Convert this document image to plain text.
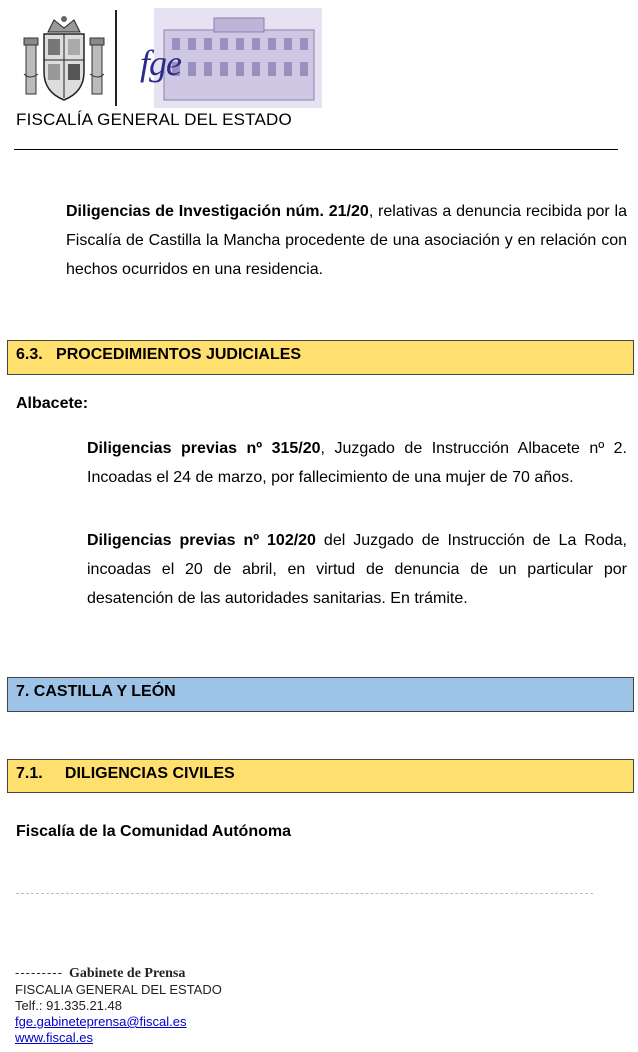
fge
FISCALÍA GENERAL DEL ESTADO
Diligencias de Investigación núm. 21/20, relativas a denuncia recibida por la Fiscalía de Castilla la Mancha procedente de una asociación y en relación con hechos ocurridos en una residencia.
6.3.   PROCEDIMIENTOS JUDICIALES
Albacete:
Diligencias previas nº 315/20, Juzgado de Instrucción Albacete nº 2. Incoadas el 24 de marzo, por fallecimiento de una mujer de 70 años.
Diligencias previas nº 102/20 del Juzgado de Instrucción de La Roda, incoadas el 20 de abril, en virtud de denuncia de un particular por desatención de las autoridades sanitarias. En trámite.
7. CASTILLA Y LEÓN
7.1.     DILIGENCIAS CIVILES
Fiscalía de la Comunidad Autónoma
--------- Gabinete de Prensa
FISCALIA GENERAL DEL ESTADO
Telf.: 91.335.21.48
fge.gabineteprensa@fiscal.es
www.fiscal.es
